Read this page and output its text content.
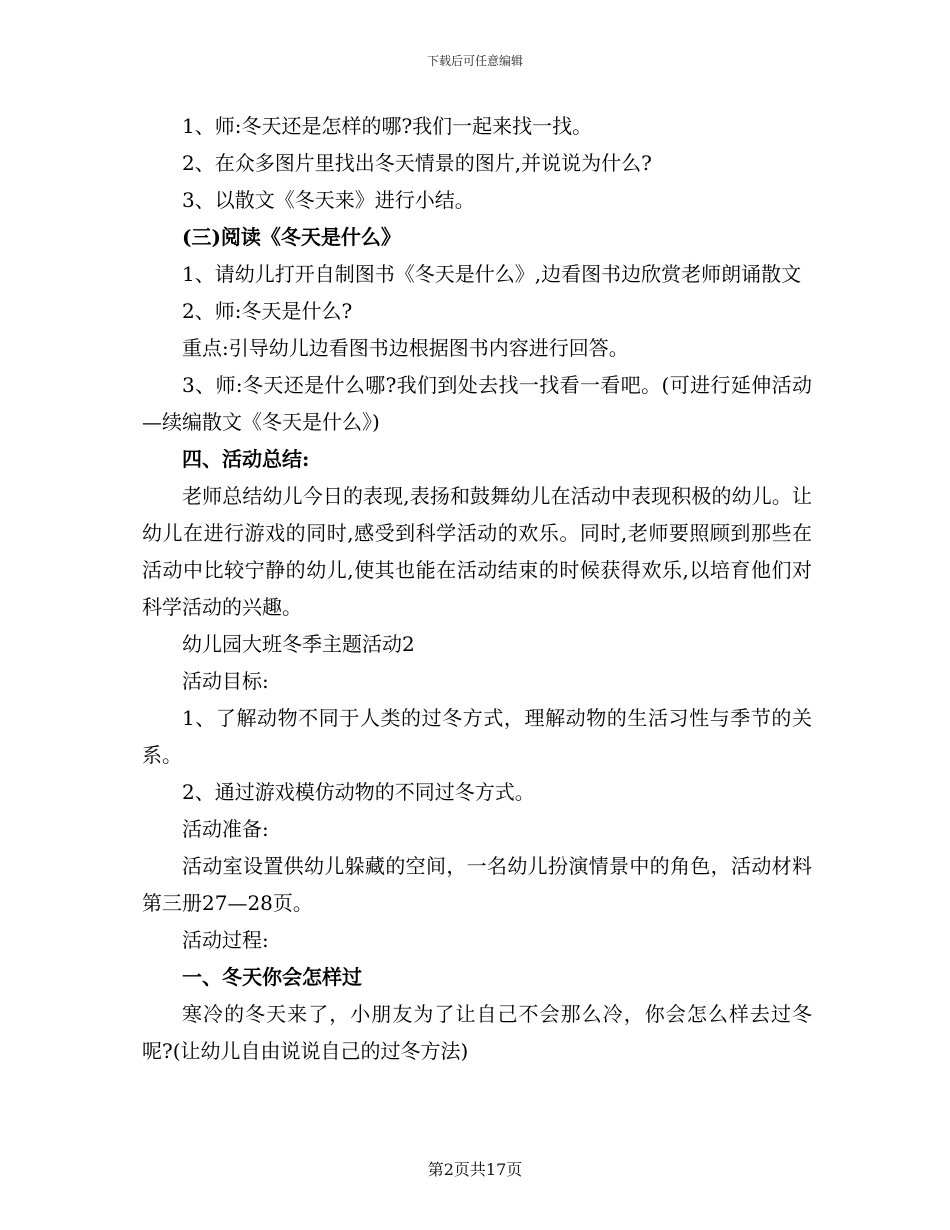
下载后可任意编辑

1、师:冬天还是怎样的哪?我们一起来找一找。

2、在众多图片里找出冬天情景的图片,并说说为什么?

3、以散文《冬天来》进行小结。

(三)阅读《冬天是什么》

1、请幼儿打开自制图书《冬天是什么》,边看图书边欣赏老师朗诵散文

2、师:冬天是什么?

重点:引导幼儿边看图书边根据图书内容进行回答。

3、师:冬天还是什么哪?我们到处去找一找看一看吧。(可进行延伸活动—续编散文《冬天是什么》)

四、活动总结:

老师总结幼儿今日的表现,表扬和鼓舞幼儿在活动中表现积极的幼儿。让幼儿在进行游戏的同时,感受到科学活动的欢乐。同时,老师要照顾到那些在活动中比较宁静的幼儿,使其也能在活动结束的时候获得欢乐,以培育他们对科学活动的兴趣。

幼儿园大班冬季主题活动2

活动目标:

1、了解动物不同于人类的过冬方式，理解动物的生活习性与季节的关系。

2、通过游戏模仿动物的不同过冬方式。

活动准备:

活动室设置供幼儿躲藏的空间，一名幼儿扮演情景中的角色，活动材料第三册27—28页。

活动过程:

一、冬天你会怎样过

寒冷的冬天来了，小朋友为了让自己不会那么冷，你会怎么样去过冬呢?(让幼儿自由说说自己的过冬方法)

第2页共17页
